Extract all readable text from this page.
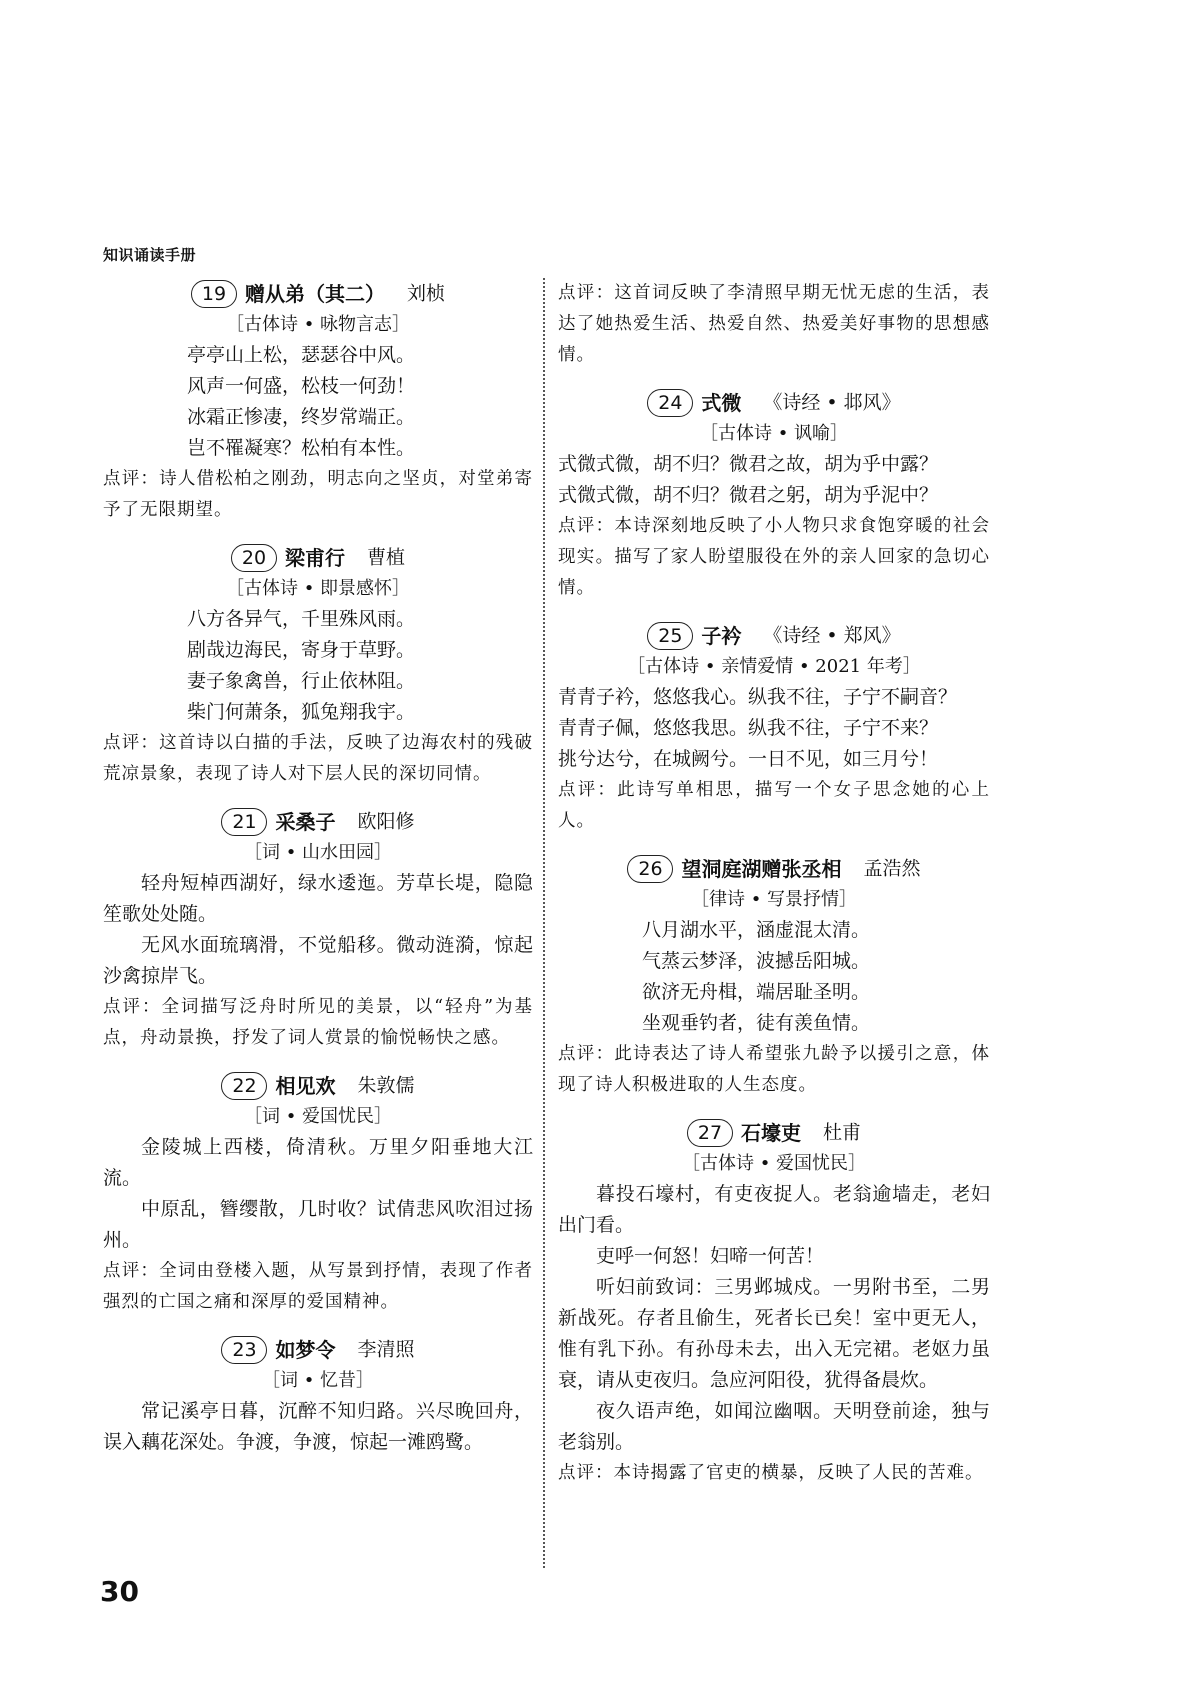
知识诵读手册
19 赠从弟（其二） 刘桢
［古体诗 • 咏物言志］
亭亭山上松，瑟瑟谷中风。
风声一何盛，松枝一何劲！
冰霜正惨凄，终岁常端正。
岂不罹凝寒？松柏有本性。
点评：诗人借松柏之刚劲，明志向之坚贞，对堂弟寄予了无限期望。
20 梁甫行 曹植
［古体诗 • 即景感怀］
八方各异气，千里殊风雨。
剧哉边海民，寄身于草野。
妻子象禽兽，行止依林阻。
柴门何萧条，狐兔翔我宇。
点评：这首诗以白描的手法，反映了边海农村的残破荒凉景象，表现了诗人对下层人民的深切同情。
21 采桑子 欧阳修
［词 • 山水田园］
轻舟短棹西湖好，绿水逶迤。芳草长堤，隐隐笙歌处处随。
无风水面琉璃滑，不觉船移。微动涟漪，惊起沙禽掠岸飞。
点评：全词描写泛舟时所见的美景，以“轻舟”为基点，舟动景换，抒发了词人赏景的愉悦畅快之感。
22 相见欢 朱敦儒
［词 • 爱国忧民］
金陵城上西楼，倚清秋。万里夕阳垂地大江流。
中原乱，簪缨散，几时收？试倩悲风吹泪过扬州。
点评：全词由登楼入题，从写景到抒情，表现了作者强烈的亡国之痛和深厚的爱国精神。
23 如梦令 李清照
［词 • 忆昔］
常记溪亭日暮，沉醉不知归路。兴尽晚回舟，误入藕花深处。争渡，争渡，惊起一滩鸥鹭。
点评：这首词反映了李清照早期无忧无虑的生活，表达了她热爱生活、热爱自然、热爱美好事物的思想感情。
24 式微 《诗经 • 邶风》
［古体诗 • 讽喻］
式微式微，胡不归？微君之故，胡为乎中露？
式微式微，胡不归？微君之躬，胡为乎泥中？
点评：本诗深刻地反映了小人物只求食饱穿暖的社会现实。描写了家人盼望服役在外的亲人回家的急切心情。
25 子衿 《诗经 • 郑风》
［古体诗 • 亲情爱情 • 2021 年考］
青青子衿，悠悠我心。纵我不往，子宁不嗣音？
青青子佩，悠悠我思。纵我不往，子宁不来？
挑兮达兮，在城阙兮。一日不见，如三月兮！
点评：此诗写单相思，描写一个女子思念她的心上人。
26 望洞庭湖赠张丞相 孟浩然
［律诗 • 写景抒情］
八月湖水平，涵虚混太清。
气蒸云梦泽，波撼岳阳城。
欲济无舟楫，端居耻圣明。
坐观垂钓者，徒有羡鱼情。
点评：此诗表达了诗人希望张九龄予以援引之意，体现了诗人积极进取的人生态度。
27 石壕吏 杜甫
［古体诗 • 爱国忧民］
暮投石壕村，有吏夜捉人。老翁逾墙走，老妇出门看。
吏呼一何怒！妇啼一何苦！
听妇前致词：三男邺城戍。一男附书至，二男新战死。存者且偷生，死者长已矣！室中更无人，惟有乳下孙。有孙母未去，出入无完裙。老妪力虽衰，请从吏夜归。急应河阳役，犹得备晨炊。
夜久语声绝，如闻泣幽咽。天明登前途，独与老翁别。
点评：本诗揭露了官吏的横暴，反映了人民的苦难。
30
